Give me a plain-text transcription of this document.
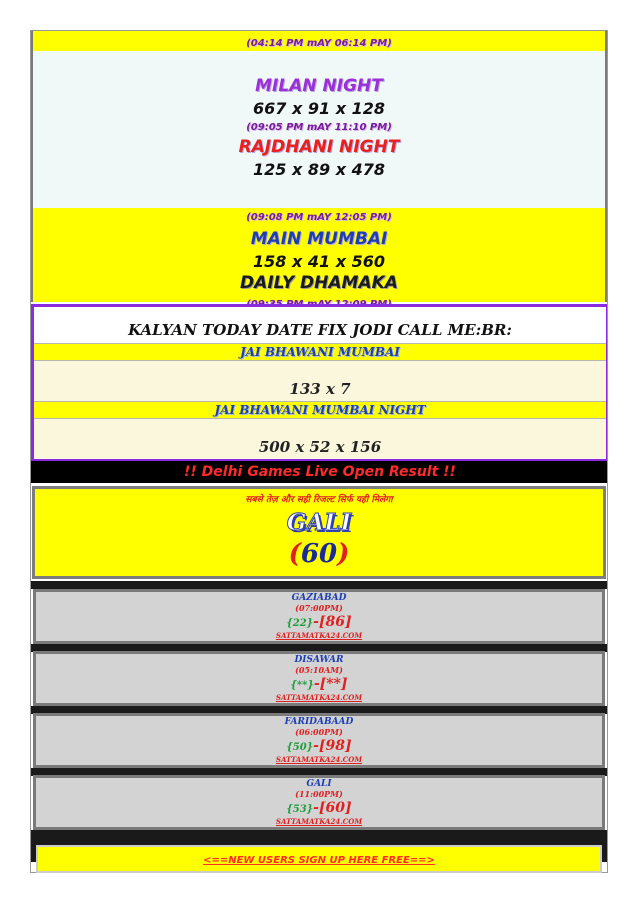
(04:14 PM mAY 06:14 PM)
MILAN NIGHT
667 x 91 x 128
(09:05 PM mAY 11:10 PM)
RAJDHANI NIGHT
125 x 89 x 478
(09:08 PM mAY 12:05 PM)
MAIN MUMBAI
158 x 41 x 560
DAILY DHAMAKA
KALYAN TODAY DATE FIX JODI CALL ME:BR:
JAI BHAWANI MUMBAI
133 x 7
JAI BHAWANI MUMBAI NIGHT
500 x 52 x 156
!! Delhi Games Live Open Result !!
सबसे तेज़ और सही रिजल्ट सिर्फ यही मिलेगा
GALI
(60)
GAZIABAD
(07:00PM)
{22}-[86]
SATTAMATKA24.COM
DISAWAR
(05:10AM)
{**}-[**]
SATTAMATKA24.COM
FARIDABAAD
(06:00PM)
{50}-[98]
SATTAMATKA24.COM
GALI
(11:00PM)
{53}-[60]
SATTAMATKA24.COM
<==NEW USERS SIGN UP HERE FREE==>
